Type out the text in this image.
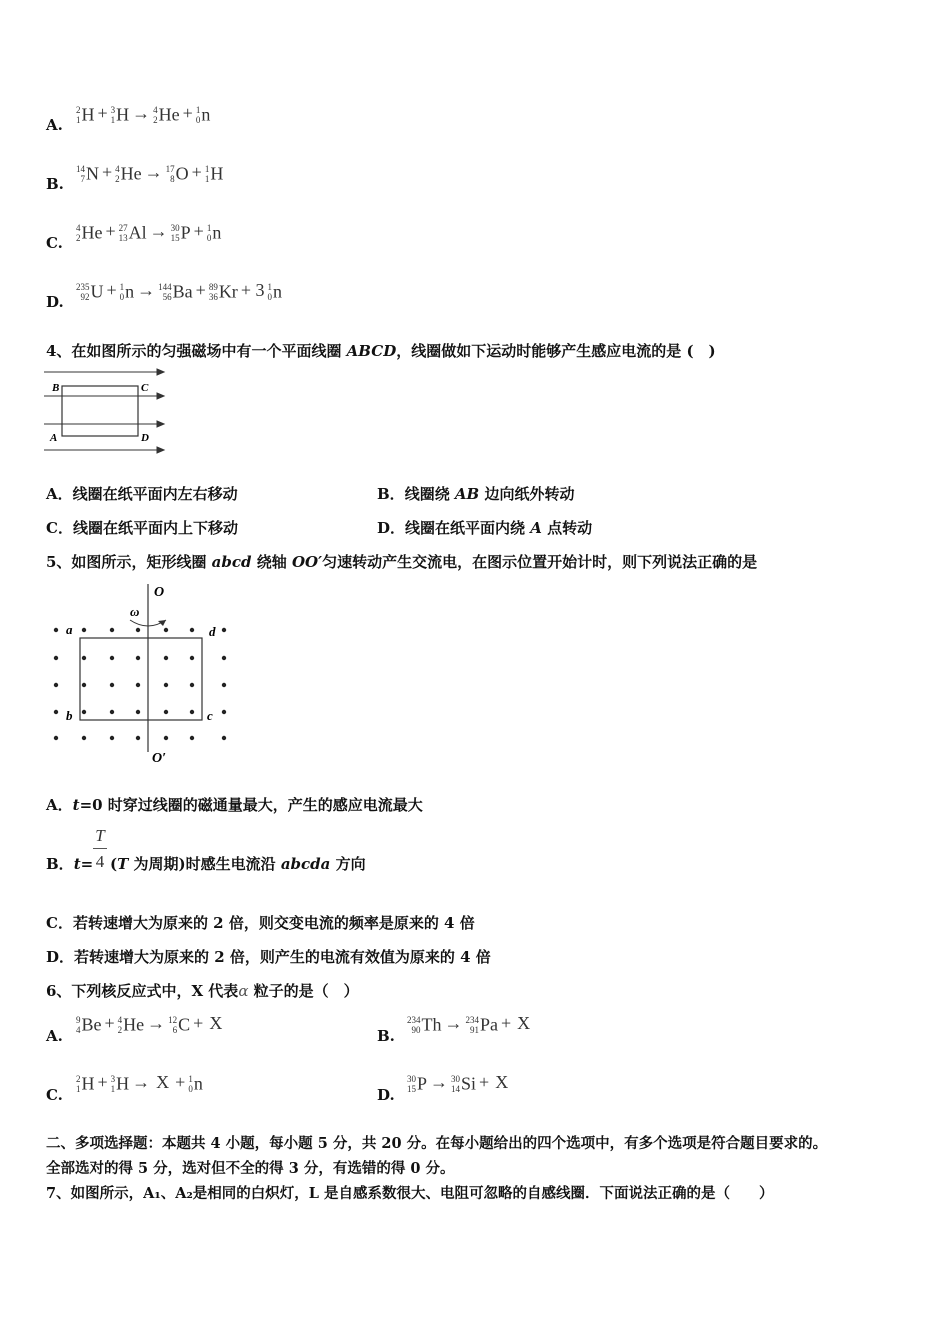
A.
2
1 H + 3
1 H → 4
2 He + 1
0 n
B.
14
7 N + 4
2 He → 17
8 O + 1
1 H
C.
4
2 He + 27
13 Al → 30
15 P + 1
0 n
D.
235
92 U + 1
0 n → 144
56 Ba + 89
36 Kr + 3 1
0 n
4、在如图所示的匀强磁场中有一个平面线圈 ABCD，线圈做如下运动时能够产生感应电流的是 (　)
B	C
A	D
A．线圈在纸平面内左右移动	B．线圈绕 AB 边向纸外转动
C．线圈在纸平面内上下移动	D．线圈在纸平面内绕 A 点转动
5、如图所示，矩形线圈 abcd 绕轴 OO′匀速转动产生交流电，在图示位置开始计时，则下列说法正确的是
O
O′
ω
a
b	c
d
A．t=0 时穿过线圈的磁通量最大，产生的感应电流最大
B．t=
T
4 (T 为周期)时感生电流沿 abcda 方向
C．若转速增大为原来的 2 倍，则交变电流的频率是原来的 4 倍
D．若转速增大为原来的 2 倍，则产生的电流有效值为原来的 4 倍
6、下列核反应式中，X 代表α 粒子的是（　）
A.
9
4 Be + 4
2 He → 12
6 C + X
B.
234
90 Th → 234
91 Pa + X
C.
2
1 H + 3
1 H → X + 1
0 n
D.
30
15 P → 30
14 Si + X
二、多项选择题：本题共 4 小题，每小题 5 分，共 20 分。在每小题给出的四个选项中，有多个选项是符合题目要求的。
全部选对的得 5 分，选对但不全的得 3 分，有选错的得 0 分。
7、如图所示，A₁、A₂是相同的白炽灯，L 是自感系数很大、电阻可忽略的自感线圈．下面说法正确的是（　　）
